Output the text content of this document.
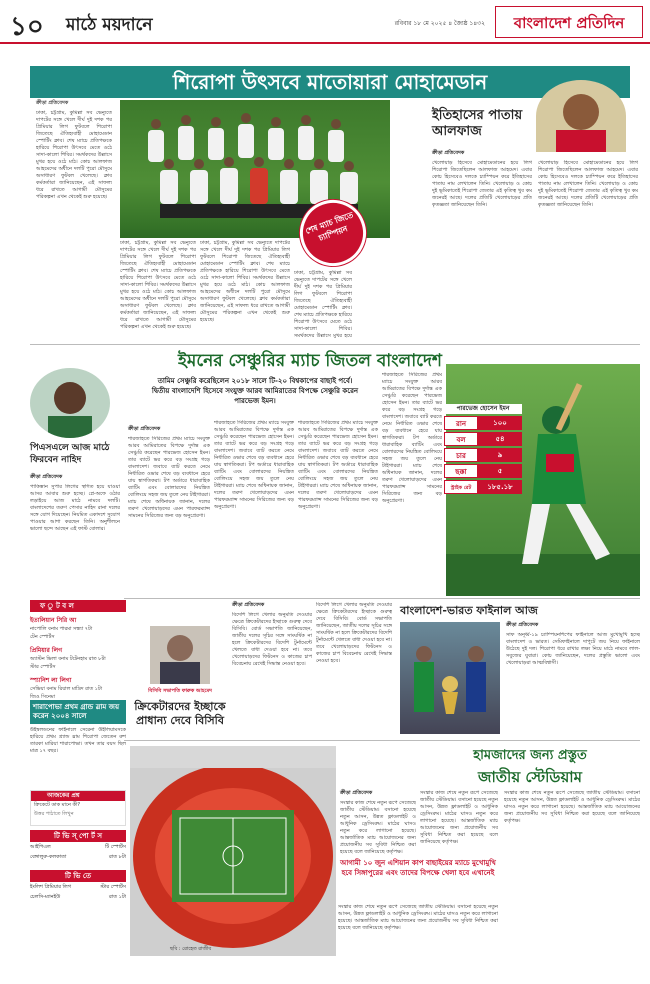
১০	মাঠে ময়দানে	রবিবার ১৮ মে ২০২৫ ৪ জ্যৈষ্ঠ ১৪৩২	বাংলাদেশ প্রতিদিন
শিরোপা উৎসবে মাতোয়ারা মোহামেডান
ক্রীড়া প্রতিবেদক
ঢাকা, চট্টগ্রাম, কুমিল্লা সব ভেন্যুতে দাপটের সঙ্গে খেলে দীর্ঘ দুই দশক পর প্রিমিয়ার লিগ ফুটবলে শিরোপা জিতেছে ঐতিহ্যবাহী মোহামেডান স্পোর্টিং ক্লাব। শেষ ম্যাচে প্রতিপক্ষকে হারিয়ে শিরোপা উৎসবে মেতে ওঠে সাদা-কালো শিবির। সমর্থকদের উল্লাসে মুখর হয়ে ওঠে মাঠ। কোচ আলফাজ আহমেদের অধীনে দলটি পুরো মৌসুমে অসাধারণ ফুটবল খেলেছে। ক্লাব কর্মকর্তারা জানিয়েছেন, এই সাফল্য ধরে রাখতে আগামী মৌসুমের পরিকল্পনা এখন থেকেই শুরু হয়েছে।
শেষ ম্যাচ জিতে চ্যাম্পিয়ন
ঢাকা, চট্টগ্রাম, কুমিল্লা সব ভেন্যুতে দাপটের সঙ্গে খেলে দীর্ঘ দুই দশক পর প্রিমিয়ার লিগ ফুটবলে শিরোপা জিতেছে ঐতিহ্যবাহী মোহামেডান স্পোর্টিং ক্লাব। শেষ ম্যাচে প্রতিপক্ষকে হারিয়ে শিরোপা উৎসবে মেতে ওঠে সাদা-কালো শিবির। সমর্থকদের উল্লাসে মুখর হয়ে ওঠে মাঠ। কোচ আলফাজ আহমেদের অধীনে দলটি পুরো মৌসুমে অসাধারণ ফুটবল খেলেছে। ক্লাব কর্মকর্তারা জানিয়েছেন, এই সাফল্য ধরে রাখতে আগামী মৌসুমের পরিকল্পনা এখন থেকেই শুরু হয়েছে।
ঢাকা, চট্টগ্রাম, কুমিল্লা সব ভেন্যুতে দাপটের সঙ্গে খেলে দীর্ঘ দুই দশক পর প্রিমিয়ার লিগ ফুটবলে শিরোপা জিতেছে ঐতিহ্যবাহী মোহামেডান স্পোর্টিং ক্লাব। শেষ ম্যাচে প্রতিপক্ষকে হারিয়ে শিরোপা উৎসবে মেতে ওঠে সাদা-কালো শিবির। সমর্থকদের উল্লাসে মুখর হয়ে ওঠে মাঠ। কোচ আলফাজ আহমেদের অধীনে দলটি পুরো মৌসুমে অসাধারণ ফুটবল খেলেছে। ক্লাব কর্মকর্তারা জানিয়েছেন, এই সাফল্য ধরে রাখতে আগামী মৌসুমের পরিকল্পনা এখন থেকেই শুরু হয়েছে।
ঢাকা, চট্টগ্রাম, কুমিল্লা সব ভেন্যুতে দাপটের সঙ্গে খেলে দীর্ঘ দুই দশক পর প্রিমিয়ার লিগ ফুটবলে শিরোপা জিতেছে ঐতিহ্যবাহী মোহামেডান স্পোর্টিং ক্লাব। শেষ ম্যাচে প্রতিপক্ষকে হারিয়ে শিরোপা উৎসবে মেতে ওঠে সাদা-কালো শিবির। সমর্থকদের উল্লাসে মুখর হয়ে
ইতিহাসের পাতায় আলফাজ
ক্রীড়া প্রতিবেদক
খেলোয়াড় হিসেবে মোহামেডানের হয়ে লিগ শিরোপা জিতেছিলেন আলফাজ আহমেদ। এবার কোচ হিসেবেও দলকে চ্যাম্পিয়ন করে ইতিহাসের পাতায় নাম লেখালেন তিনি। খেলোয়াড় ও কোচ দুই ভূমিকাতেই শিরোপা জেতার এই কৃতিত্ব খুব কম জনেরই আছে। দলের প্রতিটি খেলোয়াড়ের প্রতি কৃতজ্ঞতা জানিয়েছেন তিনি।
খেলোয়াড় হিসেবে মোহামেডানের হয়ে লিগ শিরোপা জিতেছিলেন আলফাজ আহমেদ। এবার কোচ হিসেবেও দলকে চ্যাম্পিয়ন করে ইতিহাসের পাতায় নাম লেখালেন তিনি। খেলোয়াড় ও কোচ দুই ভূমিকাতেই শিরোপা জেতার এই কৃতিত্ব খুব কম জনেরই আছে। দলের প্রতিটি খেলোয়াড়ের প্রতি কৃতজ্ঞতা জানিয়েছেন তিনি।
ইমনের সেঞ্চুরির ম্যাচ জিতল বাংলাদেশ
তামিম সেঞ্চুরি করেছিলেন ২০১৮ সালে টি-২০ বিশ্বকাপের বাছাই পর্বে। দ্বিতীয় বাংলাদেশি হিসেবে সংযুক্ত আরব আমিরাতের বিপক্ষে সেঞ্চুরি করেন পারভেজ ইমন।
পিএসএলে আজ মাঠে ফিরবেন নাহিদ
ক্রীড়া প্রতিবেদক
পাকিস্তান সুপার লিগের স্থগিত হয়ে যাওয়া আসর আবার শুরু হচ্ছে। প্লে-অফে ওঠার লড়াইয়ে আজ মাঠে নামবে দলটি। বাংলাদেশের তরুণ পেসার নাহিদ রানা দলের সঙ্গে যোগ দিয়েছেন। নিয়মিত একাদশে সুযোগ পাওয়ার আশা করছেন তিনি। অনুশীলনে ভালো ছন্দে আছেন এই ফাস্ট বোলার।
ক্রীড়া প্রতিবেদক
শারজাহতে সিরিজের প্রথম ম্যাচে সংযুক্ত আরব আমিরাতের বিপক্ষে দুর্দান্ত এক সেঞ্চুরি করেছেন পারভেজ হোসেন ইমন। তার ব্যাটে ভর করে বড় সংগ্রহ গড়ে বাংলাদেশ। জবাবে ব্যাট করতে নেমে নির্ধারিত ওভার শেষে বড় ব্যবধানে হেরে যায় স্বাগতিকরা। টপ অর্ডারে ধারাবাহিক ব্যাটিং এবং বোলারদের নিয়ন্ত্রিত বোলিংয়ে সহজ জয় তুলে নেয় টাইগাররা। ম্যাচ শেষে অধিনায়ক জানান, দলের তরুণ খেলোয়াড়দের এমন পারফরম্যান্স সামনের সিরিজের জন্য বড় অনুপ্রেরণা।
শারজাহতে সিরিজের প্রথম ম্যাচে সংযুক্ত আরব আমিরাতের বিপক্ষে দুর্দান্ত এক সেঞ্চুরি করেছেন পারভেজ হোসেন ইমন। তার ব্যাটে ভর করে বড় সংগ্রহ গড়ে বাংলাদেশ। জবাবে ব্যাট করতে নেমে নির্ধারিত ওভার শেষে বড় ব্যবধানে হেরে যায় স্বাগতিকরা। টপ অর্ডারে ধারাবাহিক ব্যাটিং এবং বোলারদের নিয়ন্ত্রিত বোলিংয়ে সহজ জয় তুলে নেয় টাইগাররা। ম্যাচ শেষে অধিনায়ক জানান, দলের তরুণ খেলোয়াড়দের এমন পারফরম্যান্স সামনের সিরিজের জন্য বড় অনুপ্রেরণা।
শারজাহতে সিরিজের প্রথম ম্যাচে সংযুক্ত আরব আমিরাতের বিপক্ষে দুর্দান্ত এক সেঞ্চুরি করেছেন পারভেজ হোসেন ইমন। তার ব্যাটে ভর করে বড় সংগ্রহ গড়ে বাংলাদেশ। জবাবে ব্যাট করতে নেমে নির্ধারিত ওভার শেষে বড় ব্যবধানে হেরে যায় স্বাগতিকরা। টপ অর্ডারে ধারাবাহিক ব্যাটিং এবং বোলারদের নিয়ন্ত্রিত বোলিংয়ে সহজ জয় তুলে নেয় টাইগাররা। ম্যাচ শেষে অধিনায়ক জানান, দলের তরুণ খেলোয়াড়দের এমন পারফরম্যান্স সামনের সিরিজের জন্য বড় অনুপ্রেরণা।
শারজাহতে সিরিজের প্রথম ম্যাচে সংযুক্ত আরব আমিরাতের বিপক্ষে দুর্দান্ত এক সেঞ্চুরি করেছেন পারভেজ হোসেন ইমন। তার ব্যাটে ভর করে বড় সংগ্রহ গড়ে বাংলাদেশ। জবাবে ব্যাট করতে নেমে নির্ধারিত ওভার শেষে বড় ব্যবধানে হেরে যায় স্বাগতিকরা। টপ অর্ডারে ধারাবাহিক ব্যাটিং এবং বোলারদের নিয়ন্ত্রিত বোলিংয়ে সহজ জয় তুলে নেয় টাইগাররা। ম্যাচ শেষে অধিনায়ক জানান, দলের তরুণ খেলোয়াড়দের এমন পারফরম্যান্স সামনের সিরিজের জন্য বড় অনুপ্রেরণা।
পারভেজ হোসেন ইমন
রান	১০০
বল	৫৪
চার	৯
ছক্কা	৫
স্ট্রাইক রেট	১৮৫.১৮
ফ ু ট ব ল
ইতালিয়ান সিরি আ
নাপোলি বনাম পারমা সন্ধ্যা ৭টা
টেন স্পোর্টস
প্রিমিয়ার লিগ
অ্যাস্টন ভিলা বনাম টটেনহাম রাত ৮টা
স্টার স্পোর্টস
স্প্যানিশ লা লিগা
সেভিয়া বনাম রিয়াল মাদ্রিদ রাত ১টা
জিও সিনেমা
শারাপোভা প্রথম গ্রান্ড স্লাম জয় করেন ২০০৪ সালে
উইম্বলডনের ফাইনালে সেরেনা উইলিয়ামসকে হারিয়ে প্রথম গ্র্যান্ড স্লাম শিরোপা জেতেন রুশ তারকা মারিয়া শারাপোভা। তখন তার বয়স ছিল মাত্র ১৭ বছর।
আজকের প্রশ্ন
ক্রিকেটে ডাক মানে কী?
উত্তর পাঠাতে লিখুন
টি ভি স্ পো র্ট স
আইপিএল	টি স্পোর্টস
বেঙ্গালুরু-কলকাতা	রাত ৮টা
টি ভি তে
ইংলিশ প্রিমিয়ার লিগ	স্টার স্পোর্টস
চেলসি-ম্যানইউ	রাত ১টা
বিসিবি সভাপতি ফারুক আহমেদ
ক্রিকেটারদের ইচ্ছাকে প্রাধান্য দেবে বিসিবি
ক্রীড়া প্রতিবেদক
বিদেশি লিগে খেলার অনুমতি দেওয়ার ক্ষেত্রে ক্রিকেটারদের ইচ্ছাকে গুরুত্ব দেবে বিসিবি। বোর্ড সভাপতি জানিয়েছেন, জাতীয় দলের সূচির সঙ্গে সাংঘর্ষিক না হলে ক্রিকেটারদের বিদেশি টুর্নামেন্টে খেলতে বাধা দেওয়া হবে না। তবে খেলোয়াড়দের ফিটনেস ও কাজের চাপ বিবেচনায় রেখেই সিদ্ধান্ত নেওয়া হবে।
বিদেশি লিগে খেলার অনুমতি দেওয়ার ক্ষেত্রে ক্রিকেটারদের ইচ্ছাকে গুরুত্ব দেবে বিসিবি। বোর্ড সভাপতি জানিয়েছেন, জাতীয় দলের সূচির সঙ্গে সাংঘর্ষিক না হলে ক্রিকেটারদের বিদেশি টুর্নামেন্টে খেলতে বাধা দেওয়া হবে না। তবে খেলোয়াড়দের ফিটনেস ও কাজের চাপ বিবেচনায় রেখেই সিদ্ধান্ত নেওয়া হবে।
বাংলাদেশ-ভারত ফাইনাল আজ
ক্রীড়া প্রতিবেদক
সাফ অনূর্ধ্ব-১৯ চ্যাম্পিয়নশিপের ফাইনালে আজ মুখোমুখি হচ্ছে বাংলাদেশ ও ভারত। সেমিফাইনালে দাপুটে জয় নিয়ে ফাইনালে উঠেছে দুই দল। শিরোপা ধরে রাখার লক্ষ্য নিয়ে মাঠে নামবে লাল-সবুজের যুবারা। কোচ জানিয়েছেন, দলের প্রস্তুতি ভালো এবং খেলোয়াড়রা আত্মবিশ্বাসী।
হামজাদের জন্য প্রস্তুত
জাতীয় স্টেডিয়াম
ছবি : রোহেত রাজীব
ক্রীড়া প্রতিবেদক
সংস্কার কাজ শেষে নতুন রূপে সেজেছে জাতীয় স্টেডিয়াম। বসানো হয়েছে নতুন আসন, উন্নত ফ্লাডলাইট ও আধুনিক ড্রেসিংরুম। মাঠের ঘাসও নতুন করে লাগানো হয়েছে। আন্তর্জাতিক ম্যাচ আয়োজনের জন্য প্রয়োজনীয় সব সুবিধা নিশ্চিত করা হয়েছে বলে জানিয়েছে কর্তৃপক্ষ।
আগামী ১০ জুন এশিয়ান কাপ বাছাইয়ের ম্যাচে মুখোমুখি হবে সিঙ্গাপুরের এবং তাদের বিপক্ষে খেলা হবে এখানেই
সংস্কার কাজ শেষে নতুন রূপে সেজেছে জাতীয় স্টেডিয়াম। বসানো হয়েছে নতুন আসন, উন্নত ফ্লাডলাইট ও আধুনিক ড্রেসিংরুম। মাঠের ঘাসও নতুন করে লাগানো হয়েছে। আন্তর্জাতিক ম্যাচ আয়োজনের জন্য প্রয়োজনীয় সব সুবিধা নিশ্চিত করা হয়েছে বলে জানিয়েছে কর্তৃপক্ষ।
সংস্কার কাজ শেষে নতুন রূপে সেজেছে জাতীয় স্টেডিয়াম। বসানো হয়েছে নতুন আসন, উন্নত ফ্লাডলাইট ও আধুনিক ড্রেসিংরুম। মাঠের ঘাসও নতুন করে লাগানো হয়েছে। আন্তর্জাতিক ম্যাচ আয়োজনের জন্য প্রয়োজনীয় সব সুবিধা নিশ্চিত করা হয়েছে বলে জানিয়েছে কর্তৃপক্ষ।
সংস্কার কাজ শেষে নতুন রূপে সেজেছে জাতীয় স্টেডিয়াম। বসানো হয়েছে নতুন আসন, উন্নত ফ্লাডলাইট ও আধুনিক ড্রেসিংরুম। মাঠের ঘাসও নতুন করে লাগানো হয়েছে। আন্তর্জাতিক ম্যাচ আয়োজনের জন্য প্রয়োজনীয় সব সুবিধা নিশ্চিত করা হয়েছে বলে জানিয়েছে কর্তৃপক্ষ।
